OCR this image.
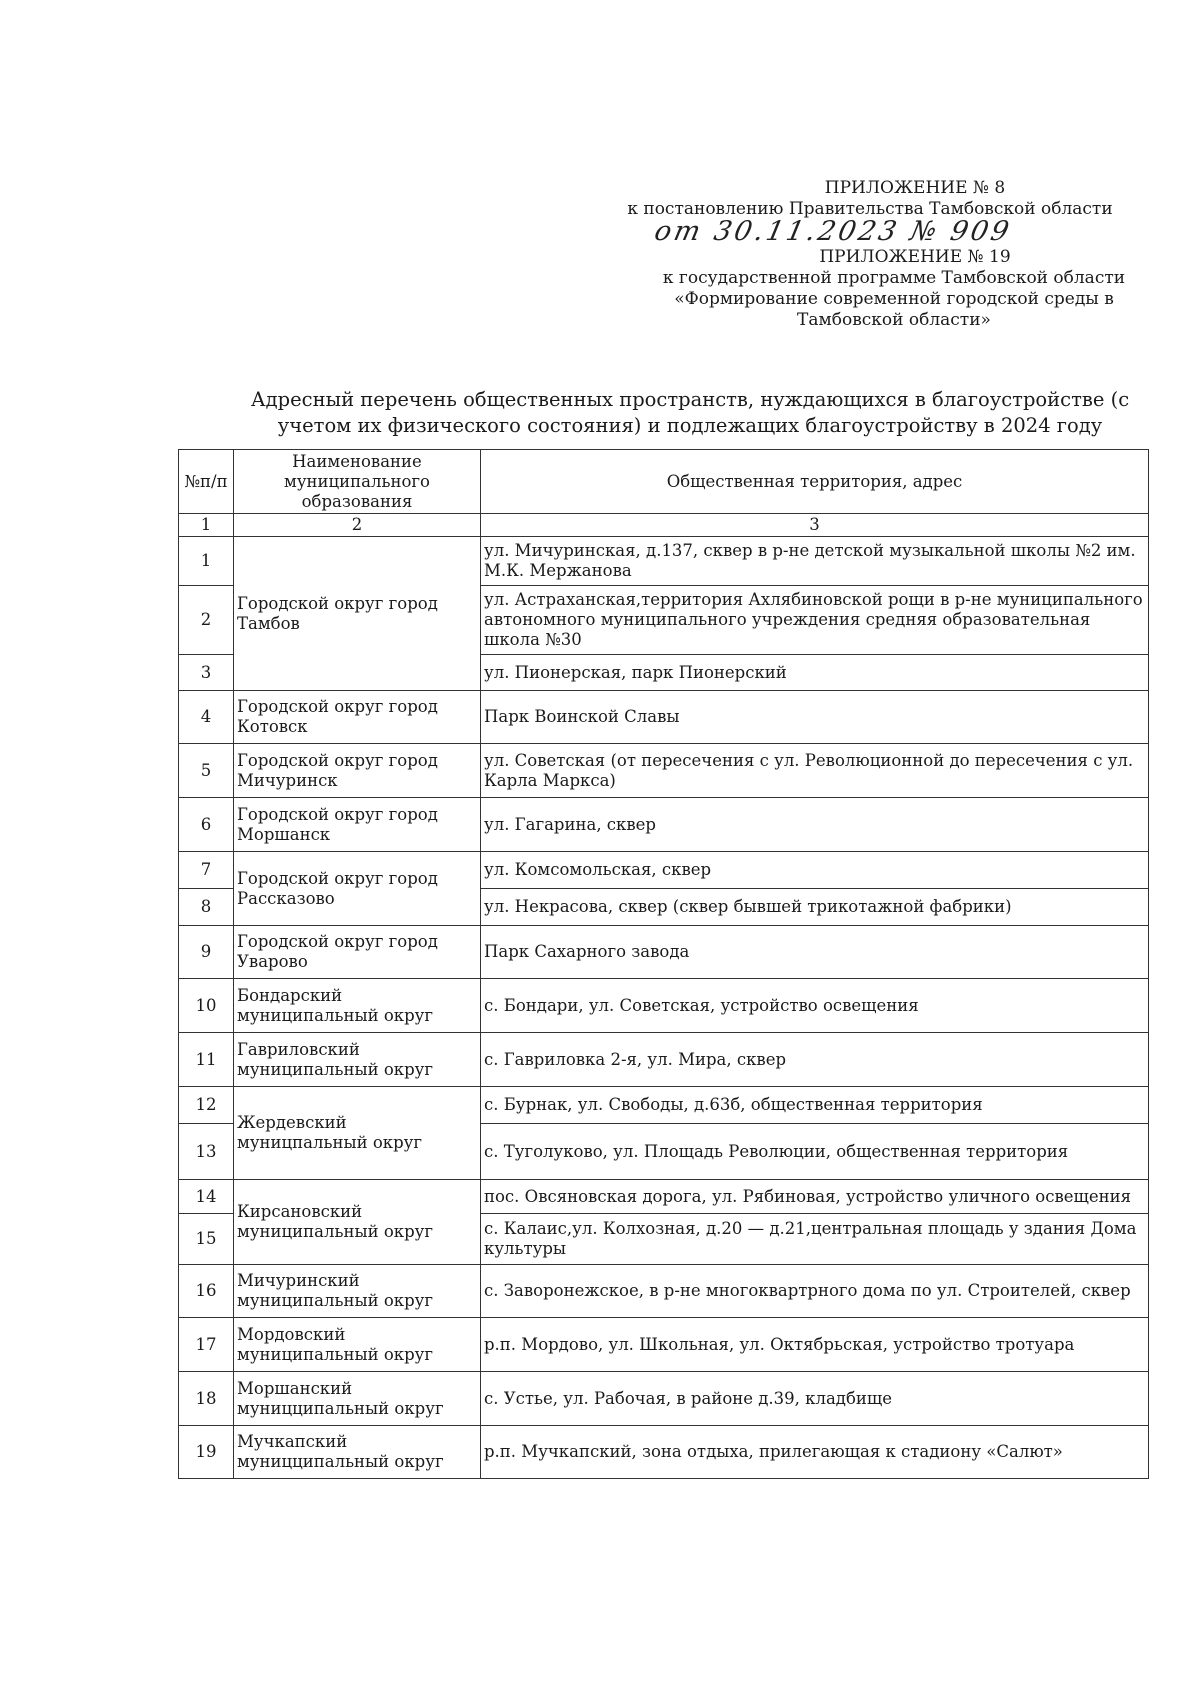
ПРИЛОЖЕНИЕ № 8
к постановлению Правительства Тамбовской области
от 30.11.2023 № 909
ПРИЛОЖЕНИЕ № 19
к государственной программе Тамбовской области
«Формирование современной городской среды в
Тамбовской области»
Адресный перечень общественных пространств, нуждающихся в благоустройстве (с
учетом их физического состояния) и подлежащих благоустройству в 2024 году
№п/п	Наименование муниципального образования	Общественная территория, адрес
1	2	3
1	Городской округ город Тамбов	ул. Мичуринская, д.137, сквер в р-не детской музыкальной школы №2 им. М.К. Мержанова
2		ул. Астраханская,территория Ахлябиновской рощи в р-не муниципального автономного муниципального учреждения средняя образовательная школа №30
3		ул. Пионерская, парк Пионерский
4	Городской округ город Котовск	Парк Воинской Славы
5	Городской округ город Мичуринск	ул. Советская (от пересечения с ул. Революционной до пересечения с ул. Карла Маркса)
6	Городской округ город Моршанск	ул. Гагарина, сквер
7	Городской округ город Рассказово	ул. Комсомольская, сквер
8		ул. Некрасова, сквер (сквер бывшей трикотажной фабрики)
9	Городской округ город Уварово	Парк Сахарного завода
10	Бондарский муниципальный округ	с. Бондари, ул. Советская, устройство освещения
11	Гавриловский муниципальный округ	с. Гавриловка 2-я, ул. Мира, сквер
12	Жердевский муницпальный округ	с. Бурнак, ул. Свободы, д.63б, общественная территория
13		с. Туголуково, ул. Площадь Революции, общественная территория
14	Кирсановский муниципальный округ	пос. Овсяновская дорога, ул. Рябиновая, устройство уличного освещения
15		с. Калаис,ул. Колхозная, д.20 — д.21,центральная площадь у здания Дома культуры
16	Мичуринский муниципальный округ	с. Заворонежское, в р-не многоквартрного дома по ул. Строителей, сквер
17	Мордовский муниципальный округ	р.п. Мордово, ул. Школьная, ул. Октябрьская, устройство тротуара
18	Моршанский муницципальный округ	с. Устье, ул. Рабочая, в районе д.39, кладбище
19	Мучкапский муницципальный округ	р.п. Мучкапский, зона отдыха, прилегающая к стадиону «Салют»
